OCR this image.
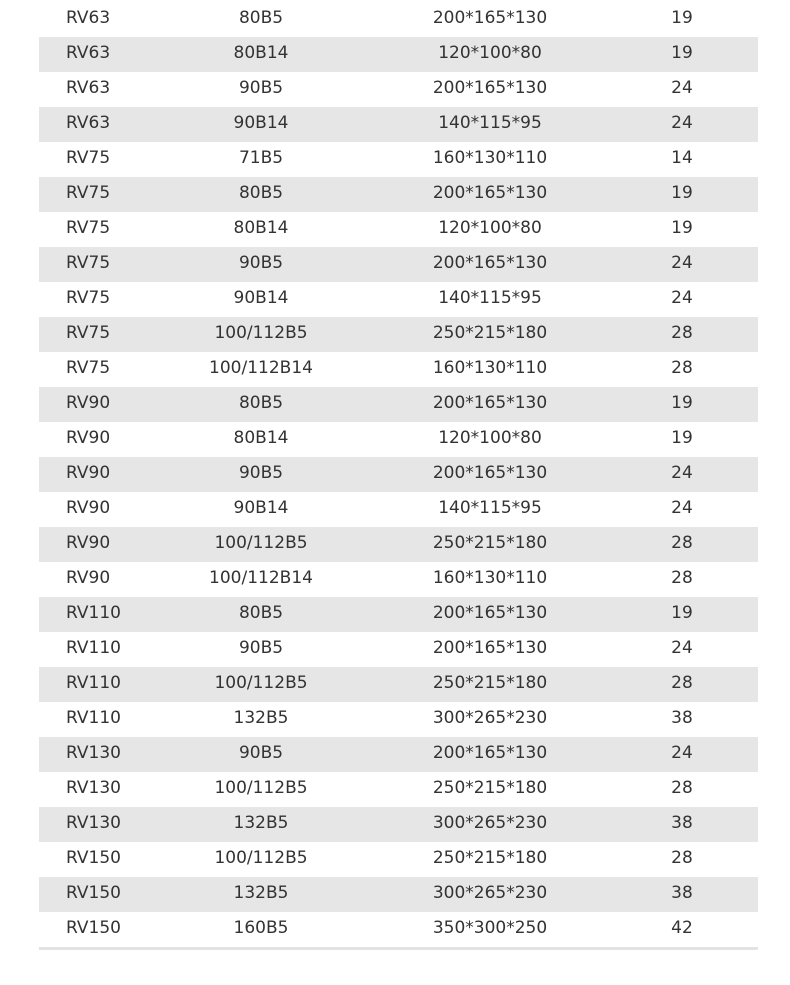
RV63	80B5	200*165*130	19
RV63	80B14	120*100*80	19
RV63	90B5	200*165*130	24
RV63	90B14	140*115*95	24
RV75	71B5	160*130*110	14
RV75	80B5	200*165*130	19
RV75	80B14	120*100*80	19
RV75	90B5	200*165*130	24
RV75	90B14	140*115*95	24
RV75	100/112B5	250*215*180	28
RV75	100/112B14	160*130*110	28
RV90	80B5	200*165*130	19
RV90	80B14	120*100*80	19
RV90	90B5	200*165*130	24
RV90	90B14	140*115*95	24
RV90	100/112B5	250*215*180	28
RV90	100/112B14	160*130*110	28
RV110	80B5	200*165*130	19
RV110	90B5	200*165*130	24
RV110	100/112B5	250*215*180	28
RV110	132B5	300*265*230	38
RV130	90B5	200*165*130	24
RV130	100/112B5	250*215*180	28
RV130	132B5	300*265*230	38
RV150	100/112B5	250*215*180	28
RV150	132B5	300*265*230	38
RV150	160B5	350*300*250	42
